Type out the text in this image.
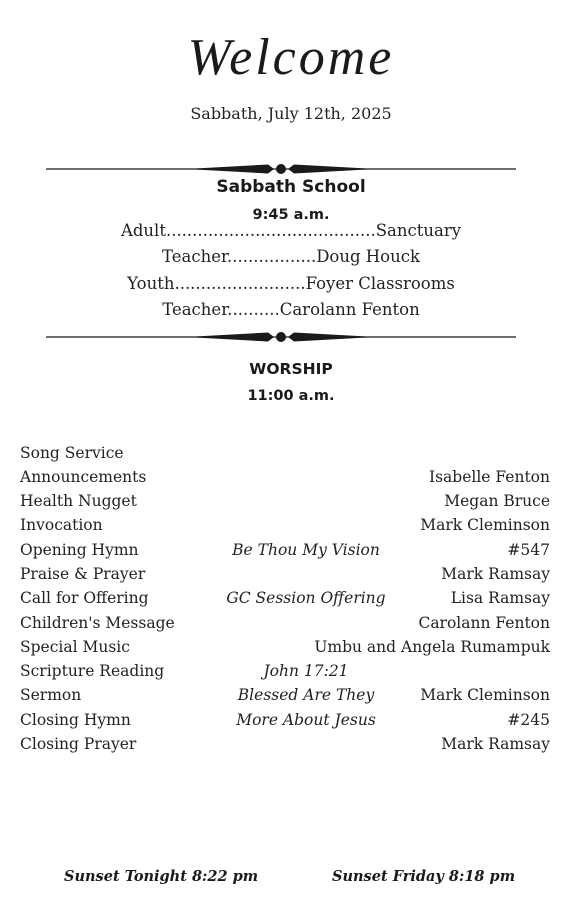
Welcome
Sabbath, July 12th, 2025
Sabbath School
9:45 a.m.
Adult........................................Sanctuary
Teacher.................Doug Houck
Youth.........................Foyer Classrooms
Teacher..........Carolann Fenton
WORSHIP
11:00 a.m.
Song Service
Announcements	Isabelle Fenton
Health Nugget	Megan Bruce
Invocation	Mark Cleminson
Opening Hymn	Be Thou My Vision	#547
Praise & Prayer	Mark Ramsay
Call for Offering	GC Session Offering	Lisa Ramsay
Children's Message	Carolann Fenton
Special Music	Umbu and Angela Rumampuk
Scripture Reading	John 17:21
Sermon	Blessed Are They	Mark Cleminson
Closing Hymn	More About Jesus	#245
Closing Prayer	Mark Ramsay
Sunset Tonight 8:22 pm	Sunset Friday 8:18 pm
